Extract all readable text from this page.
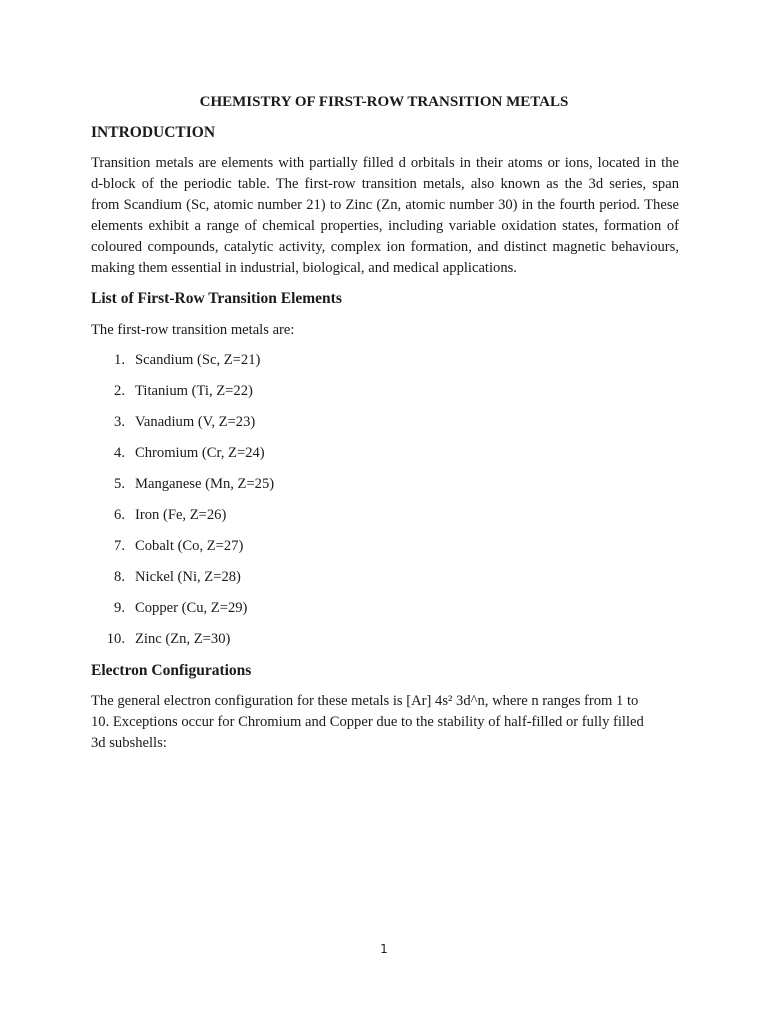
CHEMISTRY OF FIRST-ROW TRANSITION METALS
INTRODUCTION
Transition metals are elements with partially filled d orbitals in their atoms or ions, located in the
d-block of the periodic table. The first-row transition metals, also known as the 3d series, span
from Scandium (Sc, atomic number 21) to Zinc (Zn, atomic number 30) in the fourth period. These
elements exhibit a range of chemical properties, including variable oxidation states, formation of
coloured compounds, catalytic activity, complex ion formation, and distinct magnetic behaviours,
making them essential in industrial, biological, and medical applications.
List of First-Row Transition Elements

The first-row transition metals are:

1. Scandium (Sc, Z=21)
2. Titanium (Ti, Z=22)
3. Vanadium (V, Z=23)
4. Chromium (Cr, Z=24)
5. Manganese (Mn, Z=25)
6. Iron (Fe, Z=26)
7. Cobalt (Co, Z=27)
8. Nickel (Ni, Z=28)
9. Copper (Cu, Z=29)
10. Zinc (Zn, Z=30)
Electron Configurations
The general electron configuration for these metals is [Ar] 4s² 3d^n, where n ranges from 1 to
10. Exceptions occur for Chromium and Copper due to the stability of half-filled or fully filled
3d subshells:
1
